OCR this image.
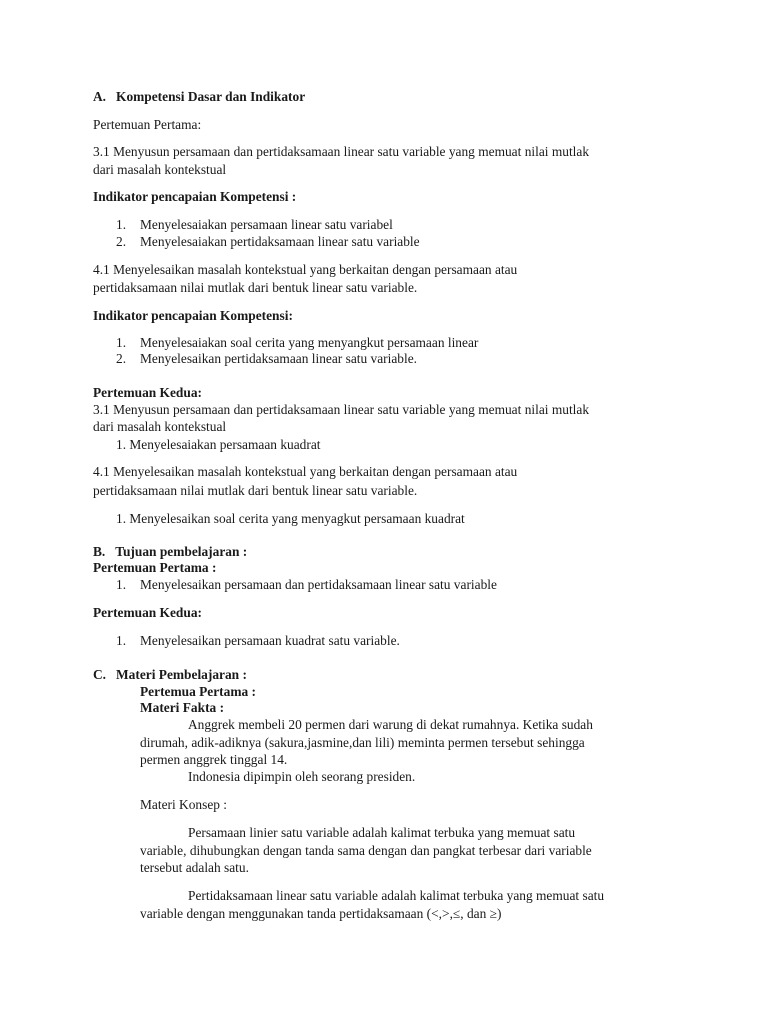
A. Kompetensi Dasar dan Indikator
Pertemuan Pertama:
3.1 Menyusun persamaan dan pertidaksamaan linear satu variable yang memuat nilai mutlak
dari masalah kontekstual
Indikator pencapaian Kompetensi :
1. Menyelesaiakan persamaan linear satu variabel
2. Menyelesaiakan pertidaksamaan linear satu variable
4.1 Menyelesaikan masalah kontekstual yang berkaitan dengan persamaan atau
pertidaksamaan nilai mutlak dari bentuk linear satu variable.
Indikator pencapaian Kompetensi:
1. Menyelesaiakan soal cerita yang menyangkut persamaan linear
2. Menyelesaikan pertidaksamaan linear satu variable.
Pertemuan Kedua:
3.1 Menyusun persamaan dan pertidaksamaan linear satu variable yang memuat nilai mutlak
dari masalah kontekstual
1. Menyelesaiakan persamaan kuadrat
4.1 Menyelesaikan masalah kontekstual yang berkaitan dengan persamaan atau
pertidaksamaan nilai mutlak dari bentuk linear satu variable.
1. Menyelesaikan soal cerita yang menyagkut persamaan kuadrat
B. Tujuan pembelajaran :
Pertemuan Pertama :
1. Menyelesaikan persamaan dan pertidaksamaan linear satu variable
Pertemuan Kedua:
1. Menyelesaikan persamaan kuadrat satu variable.
C. Materi Pembelajaran :
Pertemua Pertama :
Materi Fakta :
Anggrek membeli 20 permen dari warung di dekat rumahnya. Ketika sudah
dirumah, adik-adiknya (sakura,jasmine,dan lili) meminta permen tersebut sehingga
permen anggrek tinggal 14.
Indonesia dipimpin oleh seorang presiden.
Materi Konsep :
Persamaan linier satu variable adalah kalimat terbuka yang memuat satu
variable, dihubungkan dengan tanda sama dengan dan pangkat terbesar dari variable
tersebut adalah satu.
Pertidaksamaan linear satu variable adalah kalimat terbuka yang memuat satu
variable dengan menggunakan tanda pertidaksamaan (<,>,≤, dan ≥)
